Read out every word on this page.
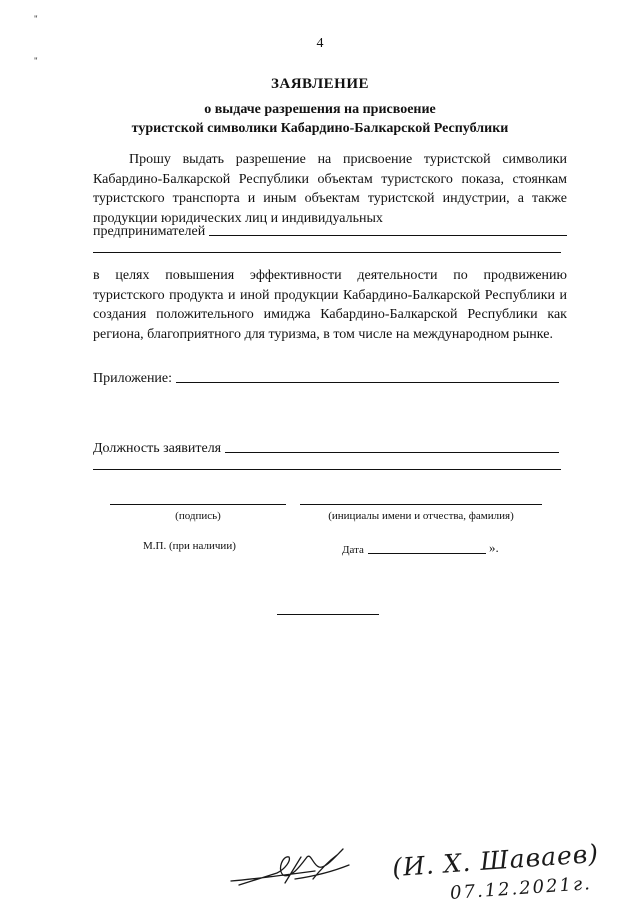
"
"
4
ЗАЯВЛЕНИЕ
о выдаче разрешения на присвоение
туристской символики Кабардино-Балкарской Республики
Прошу выдать разрешение на присвоение туристской символики Кабардино-Балкарской Республики объектам туристского показа, стоянкам туристского транспорта и иным объектам туристской индустрии, а также продукции юридических лиц и индивидуальных
предпринимателей
в целях повышения эффективности деятельности по продвижению туристского продукта и иной продукции Кабардино-Балкарской Республики и создания положительного имиджа Кабардино-Балкарской Республики как региона, благоприятного для туризма, в том числе на международном рынке.
Приложение:
Должность заявителя
(подпись)	(инициалы имени и отчества, фамилия)
М.П. (при наличии)	Дата	».
(И. Х. Шаваев)
07.12.2021г.
